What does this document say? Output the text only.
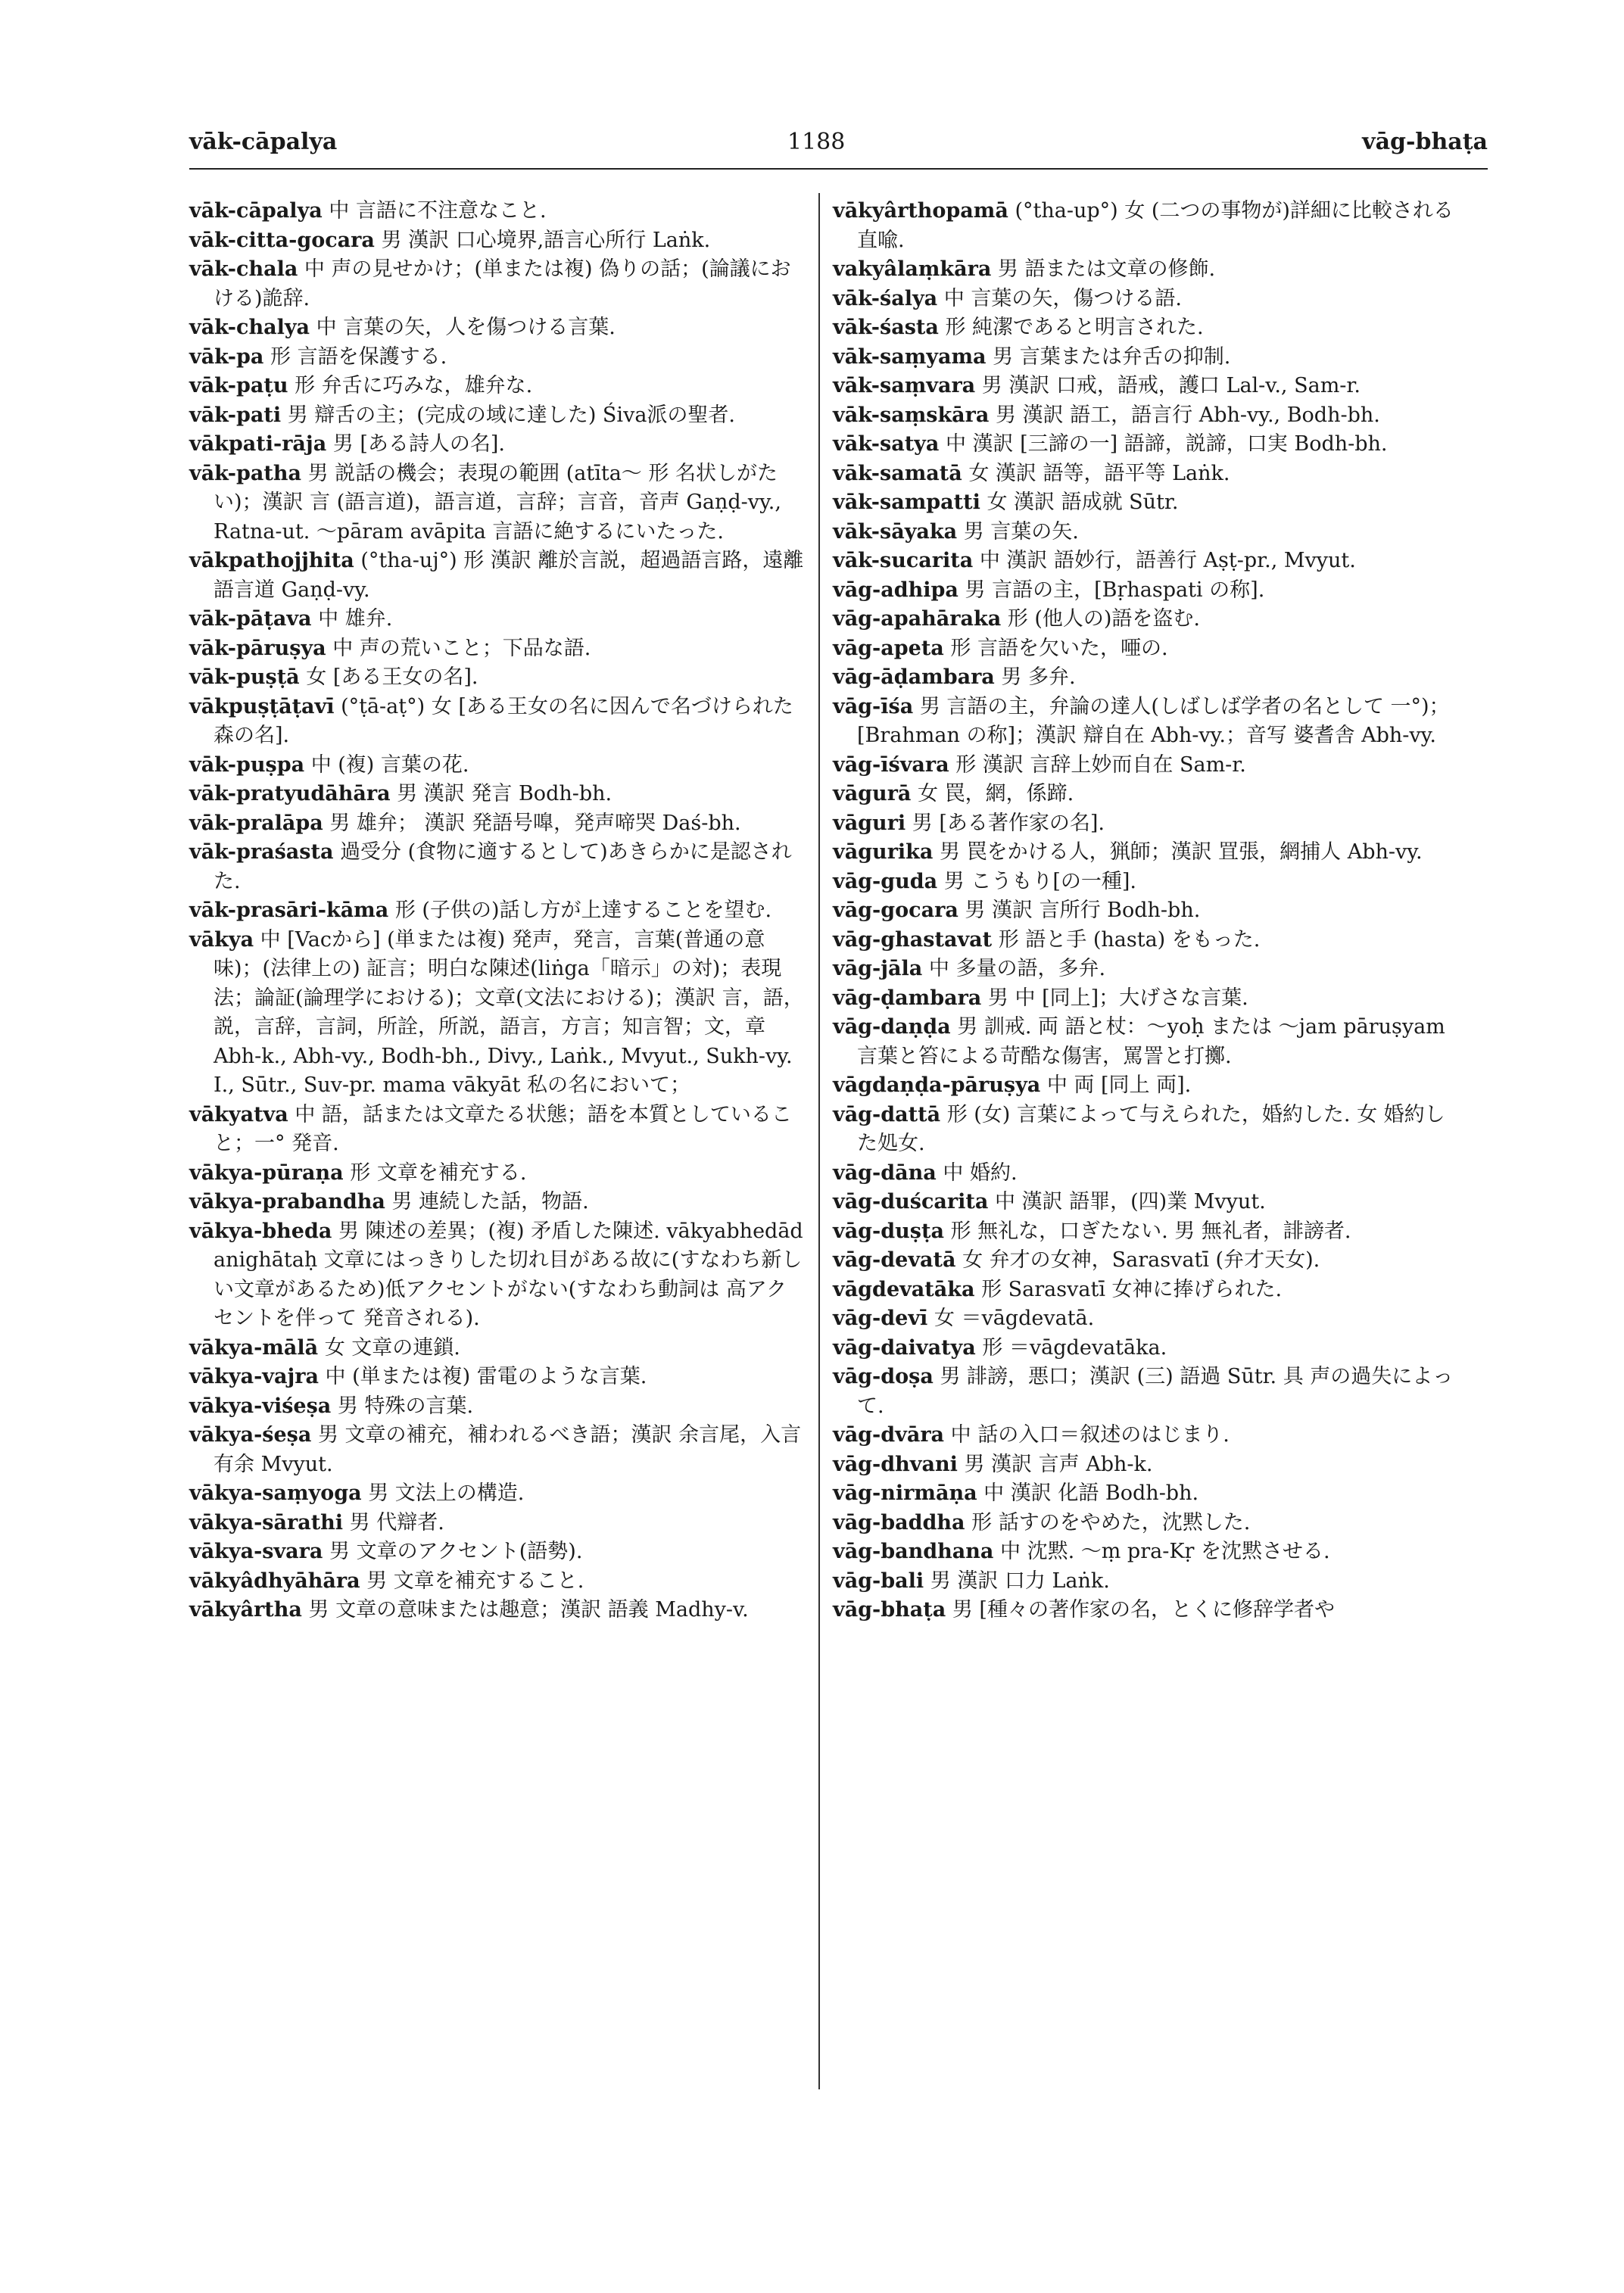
vāk-cāpalya	1188	vāg-bhaṭa

vāk-cāpalya 中 言語に不注意なこと.

vāk-citta-gocara 男 漢訳 口心境界,語言心所行 Laṅk.

vāk-chala 中 声の見せかけ；(単または複) 偽りの話；(論議における)詭辞.

vāk-chalya 中 言葉の矢，人を傷つける言葉.

vāk-pa 形 言語を保護する.

vāk-paṭu 形 弁舌に巧みな，雄弁な.

vāk-pati 男 辯舌の主；(完成の域に達した) Śiva派の聖者.

vākpati-rāja 男 [ある詩人の名].

vāk-patha 男 説話の機会；表現の範囲 (atīta～ 形 名状しがたい)；漢訳 言 (語言道)，語言道，言辞；言音，音声 Gaṇḍ-vy., Ratna-ut. ～pāram avāpita 言語に絶するにいたった.

vākpathojjhita (°tha-uj°) 形 漢訳 離於言説，超過語言路，遠離語言道 Gaṇḍ-vy.

vāk-pāṭava 中 雄弁.

vāk-pāruṣya 中 声の荒いこと；下品な語.

vāk-puṣṭā 女 [ある王女の名].

vākpuṣṭāṭavī (°ṭā-aṭ°) 女 [ある王女の名に因んで名づけられた森の名].

vāk-puṣpa 中 (複) 言葉の花.

vāk-pratyudāhāra 男 漢訳 発言 Bodh-bh.

vāk-pralāpa 男 雄弁； 漢訳 発語号嘷，発声啼哭 Daś-bh.

vāk-praśasta 過受分 (食物に適するとして)あきらかに是認された.

vāk-prasāri-kāma 形 (子供の)話し方が上達することを望む.

vākya 中 [Vacから] (単または複) 発声，発言，言葉(普通の意味)；(法律上の) 証言；明白な陳述(liṅga「暗示」の対)；表現法；論証(論理学における)；文章(文法における)；漢訳 言，語，説，言辞，言詞，所詮，所説，語言，方言；知言智；文，章 Abh-k., Abh-vy., Bodh-bh., Divy., Laṅk., Mvyut., Sukh-vy. I., Sūtr., Suv-pr. mama vākyāt 私の名において；

vākyatva 中 語，話または文章たる状態；語を本質としていること；一° 発音.

vākya-pūraṇa 形 文章を補充する.

vākya-prabandha 男 連続した話，物語.

vākya-bheda 男 陳述の差異；(複) 矛盾した陳述. vākyabhedād anighātaḥ 文章にはっきりした切れ目がある故に(すなわち新しい文章があるため)低アクセントがない(すなわち動詞は 高アクセントを伴って 発音される).

vākya-mālā 女 文章の連鎖.

vākya-vajra 中 (単または複) 雷電のような言葉.

vākya-viśeṣa 男 特殊の言葉.

vākya-śeṣa 男 文章の補充，補われるべき語；漢訳 余言尾，入言有余 Mvyut.

vākya-saṃyoga 男 文法上の構造.

vākya-sārathi 男 代辯者.

vākya-svara 男 文章のアクセント(語勢).

vākyâdhyāhāra 男 文章を補充すること.

vākyârtha 男 文章の意味または趣意；漢訳 語義 Madhy-v.

vākyârthopamā (°tha-up°) 女 (二つの事物が)詳細に比較される直喩.

vakyâlaṃkāra 男 語または文章の修飾.

vāk-śalya 中 言葉の矢，傷つける語.

vāk-śasta 形 純潔であると明言された.

vāk-saṃyama 男 言葉または弁舌の抑制.

vāk-saṃvara 男 漢訳 口戒，語戒，護口 Lal-v., Sam-r.

vāk-saṃskāra 男 漢訳 語工，語言行 Abh-vy., Bodh-bh.

vāk-satya 中 漢訳 [三諦の一] 語諦，説諦，口実 Bodh-bh.

vāk-samatā 女 漢訳 語等，語平等 Laṅk.

vāk-sampatti 女 漢訳 語成就 Sūtr.

vāk-sāyaka 男 言葉の矢.

vāk-sucarita 中 漢訳 語妙行，語善行 Aṣṭ-pr., Mvyut.

vāg-adhipa 男 言語の主，[Bṛhaspati の称].

vāg-apahāraka 形 (他人の)語を盗む.

vāg-apeta 形 言語を欠いた，唖の.

vāg-āḍambara 男 多弁.

vāg-īśa 男 言語の主，弁論の達人(しばしば学者の名として 一°)；[Brahman の称]；漢訳 辯自在 Abh-vy.；音写 婆耆舎 Abh-vy.

vāg-īśvara 形 漢訳 言辞上妙而自在 Sam-r.

vāgurā 女 罠，網，係蹄.

vāguri 男 [ある著作家の名].

vāgurika 男 罠をかける人，猟師；漢訳 罝張，網捕人 Abh-vy.

vāg-guda 男 こうもり[の一種].

vāg-gocara 男 漢訳 言所行 Bodh-bh.

vāg-ghastavat 形 語と手 (hasta) をもった.

vāg-jāla 中 多量の語，多弁.

vāg-ḍambara 男 中 [同上]；大げさな言葉.

vāg-daṇḍa 男 訓戒. 両 語と杖：～yoḥ または ～jam pāruṣyam 言葉と笞による苛酷な傷害，罵詈と打擲.

vāgdaṇḍa-pāruṣya 中 両 [同上 両].

vāg-dattā 形 (女) 言葉によって与えられた，婚約した. 女 婚約した処女.

vāg-dāna 中 婚約.

vāg-duścarita 中 漢訳 語罪，(四)業 Mvyut.

vāg-duṣṭa 形 無礼な，口ぎたない. 男 無礼者，誹謗者.

vāg-devatā 女 弁才の女神，Sarasvatī (弁才天女).

vāgdevatāka 形 Sarasvatī 女神に捧げられた.

vāg-devī 女 ＝vāgdevatā.

vāg-daivatya 形 ＝vāgdevatāka.

vāg-doṣa 男 誹謗，悪口；漢訳 (三) 語過 Sūtr. 具 声の過失によって.

vāg-dvāra 中 話の入口＝叙述のはじまり.

vāg-dhvani 男 漢訳 言声 Abh-k.

vāg-nirmāṇa 中 漢訳 化語 Bodh-bh.

vāg-baddha 形 話すのをやめた，沈黙した.

vāg-bandhana 中 沈黙. ～ṃ pra-Kṛ を沈黙させる.

vāg-bali 男 漢訳 口力 Laṅk.

vāg-bhaṭa 男 [種々の著作家の名，とくに修辞学者や
